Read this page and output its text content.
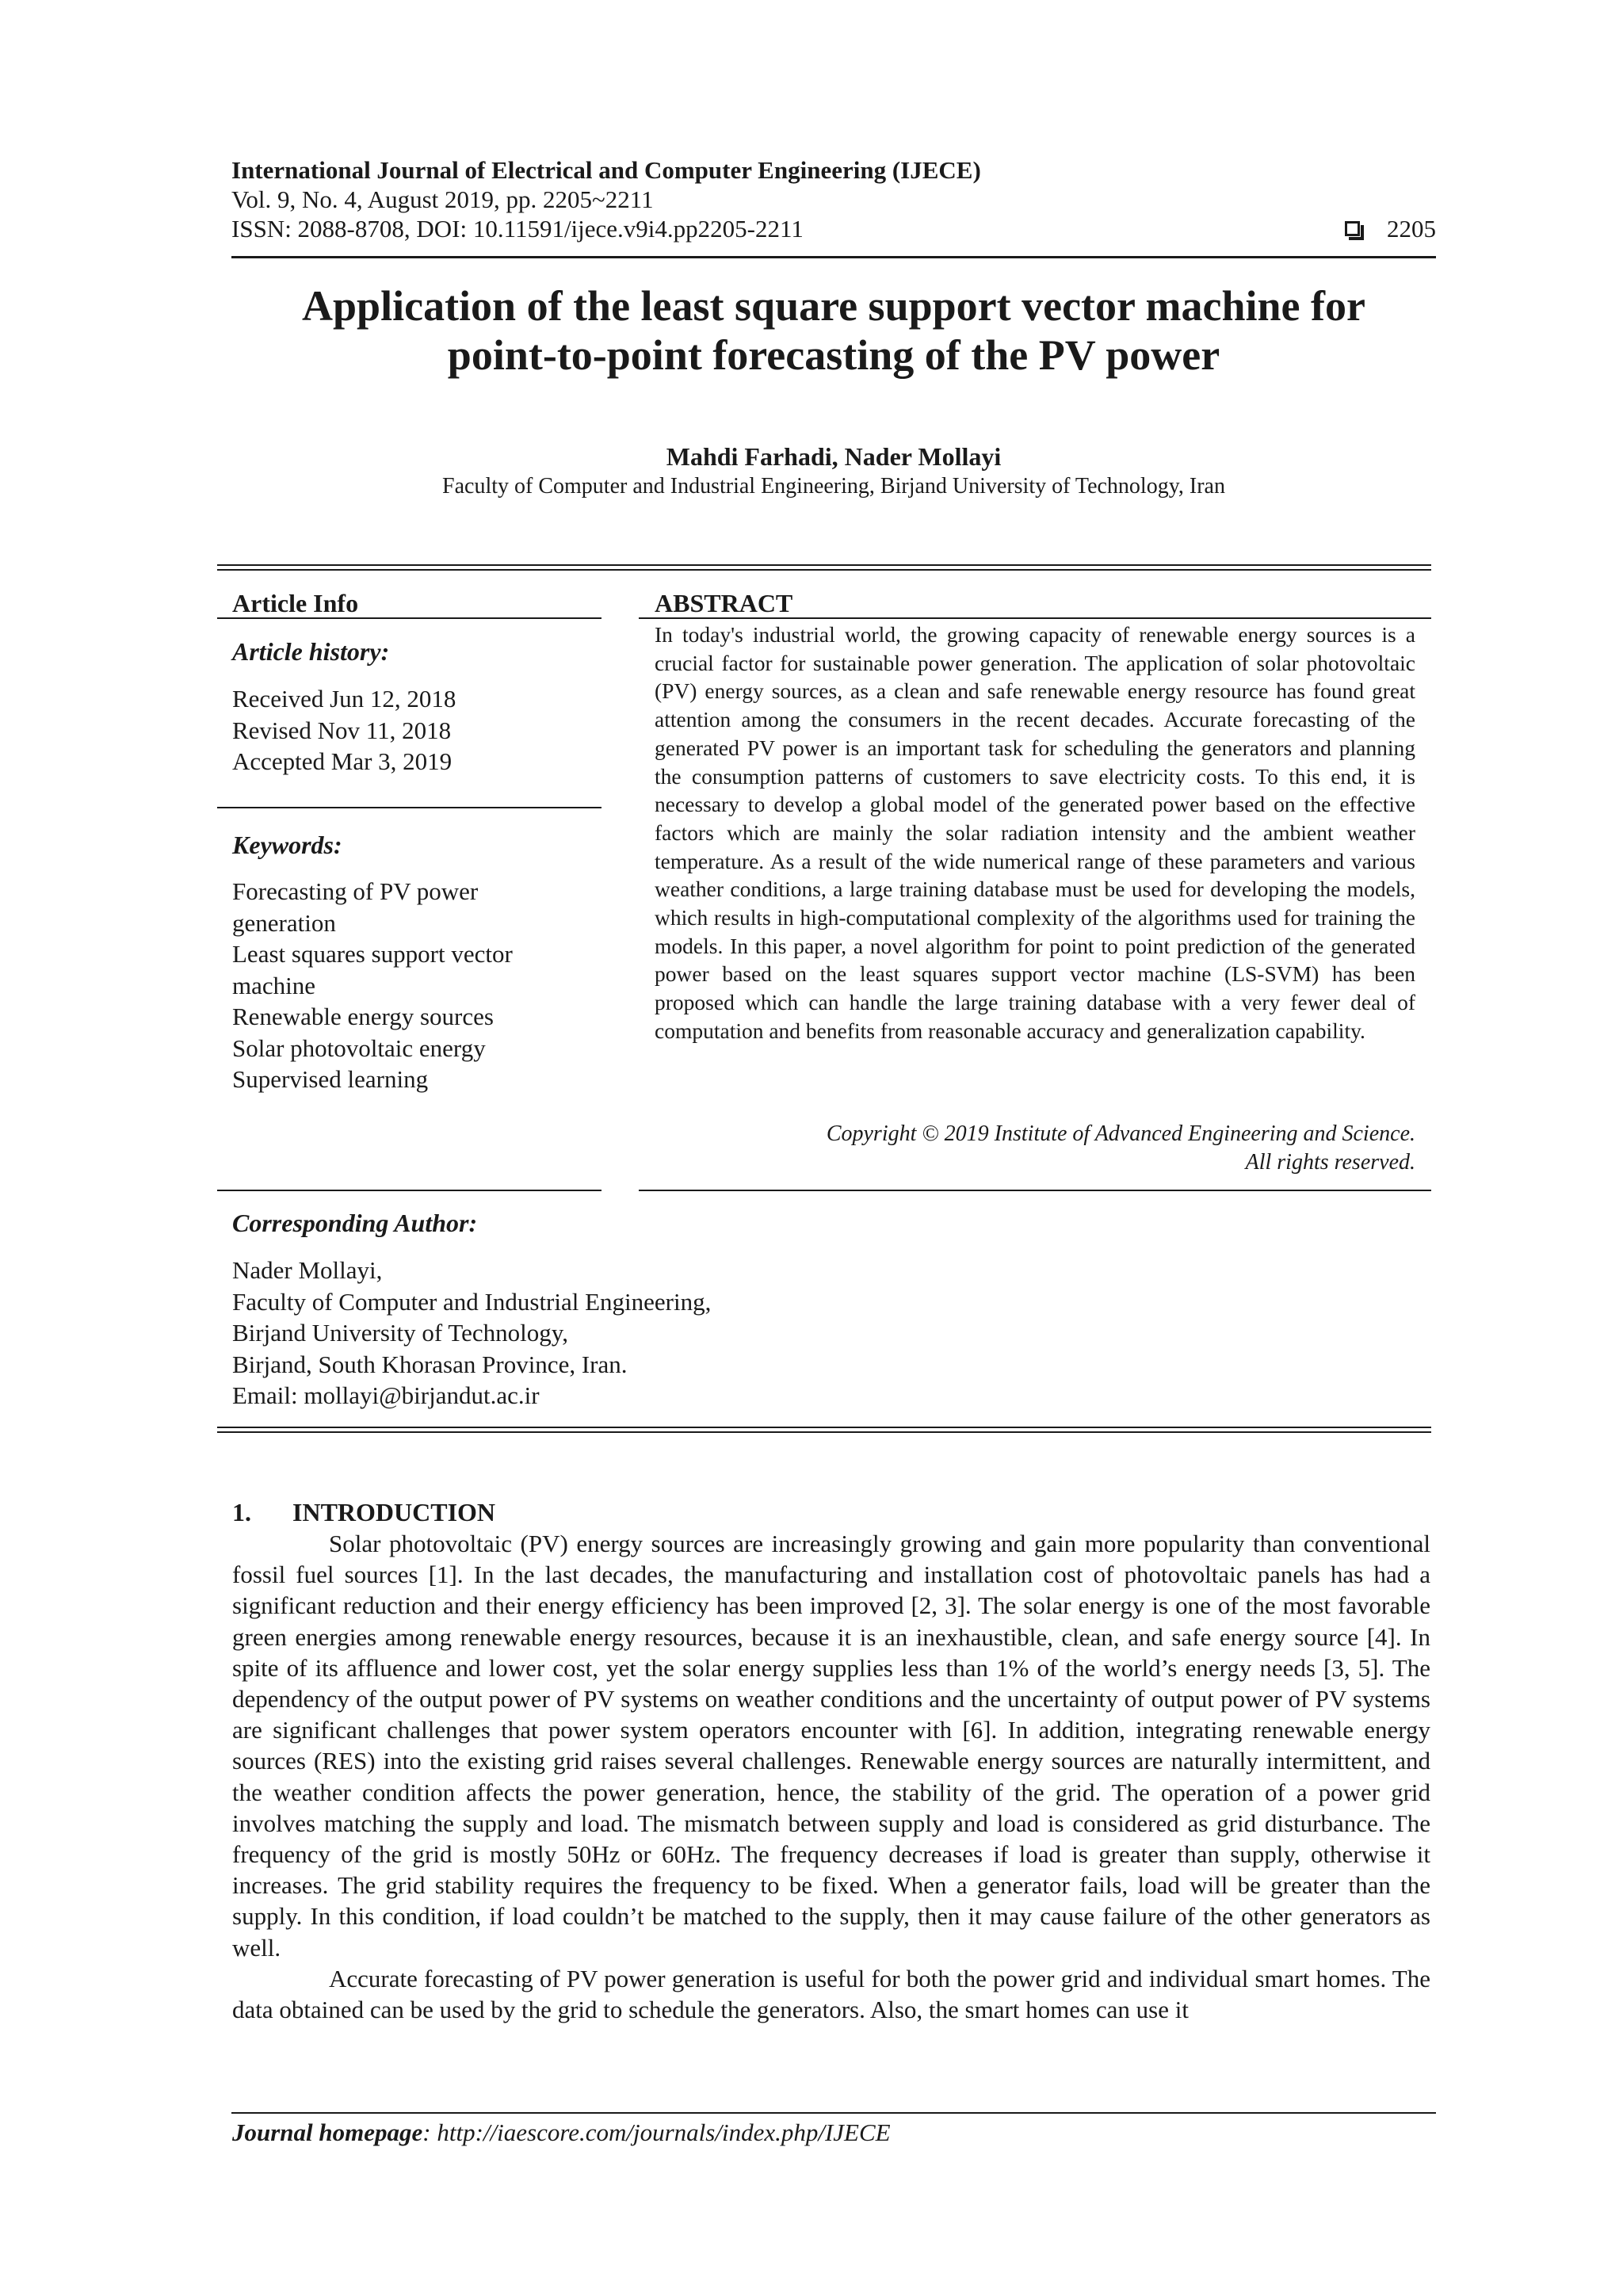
International Journal of Electrical and Computer Engineering (IJECE)
Vol. 9, No. 4, August 2019, pp. 2205~2211
ISSN: 2088-8708, DOI: 10.11591/ijece.v9i4.pp2205-2211	2205
Application of the least square support vector machine for
point-to-point forecasting of the PV power
Mahdi Farhadi, Nader Mollayi
Faculty of Computer and Industrial Engineering, Birjand University of Technology, Iran
Article Info
Article history:
Received Jun 12, 2018
Revised Nov 11, 2018
Accepted Mar 3, 2019
Keywords:
Forecasting of PV power
generation
Least squares support vector
machine
Renewable energy sources
Solar photovoltaic energy
Supervised learning
ABSTRACT
In today's industrial world, the growing capacity of renewable energy sources is a crucial factor for sustainable power generation. The application of solar photovoltaic (PV) energy sources, as a clean and safe renewable energy resource has found great attention among the consumers in the recent decades. Accurate forecasting of the generated PV power is an important task for scheduling the generators and planning the consumption patterns of customers to save electricity costs. To this end, it is necessary to develop a global model of the generated power based on the effective factors which are mainly the solar radiation intensity and the ambient weather temperature. As a result of the wide numerical range of these parameters and various weather conditions, a large training database must be used for developing the models, which results in high-computational complexity of the algorithms used for training the models. In this paper, a novel algorithm for point to point prediction of the generated power based on the least squares support vector machine (LS-SVM) has been proposed which can handle the large training database with a very fewer deal of computation and benefits from reasonable accuracy and generalization capability.
Copyright © 2019 Institute of Advanced Engineering and Science.
All rights reserved.
Corresponding Author:
Nader Mollayi,
Faculty of Computer and Industrial Engineering,
Birjand University of Technology,
Birjand, South Khorasan Province, Iran.
Email: mollayi@birjandut.ac.ir
1. INTRODUCTION

Solar photovoltaic (PV) energy sources are increasingly growing and gain more popularity than conventional fossil fuel sources [1]. In the last decades, the manufacturing and installation cost of photovoltaic panels has had a significant reduction and their energy efficiency has been improved [2, 3]. The solar energy is one of the most favorable green energies among renewable energy resources, because it is an inexhaustible, clean, and safe energy source [4]. In spite of its affluence and lower cost, yet the solar energy supplies less than 1% of the world’s energy needs [3, 5]. The dependency of the output power of PV systems on weather conditions and the uncertainty of output power of PV systems are significant challenges that power system operators encounter with [6]. In addition, integrating renewable energy sources (RES) into the existing grid raises several challenges. Renewable energy sources are naturally intermittent, and the weather condition affects the power generation, hence, the stability of the grid. The operation of a power grid involves matching the supply and load. The mismatch between supply and load is considered as grid disturbance. The frequency of the grid is mostly 50Hz or 60Hz. The frequency decreases if load is greater than supply, otherwise it increases. The grid stability requires the frequency to be fixed. When a generator fails, load will be greater than the supply. In this condition, if load couldn’t be matched to the supply, then it may cause failure of the other generators as well.

Accurate forecasting of PV power generation is useful for both the power grid and individual smart homes. The data obtained can be used by the grid to schedule the generators. Also, the smart homes can use it

Journal homepage: http://iaescore.com/journals/index.php/IJECE
